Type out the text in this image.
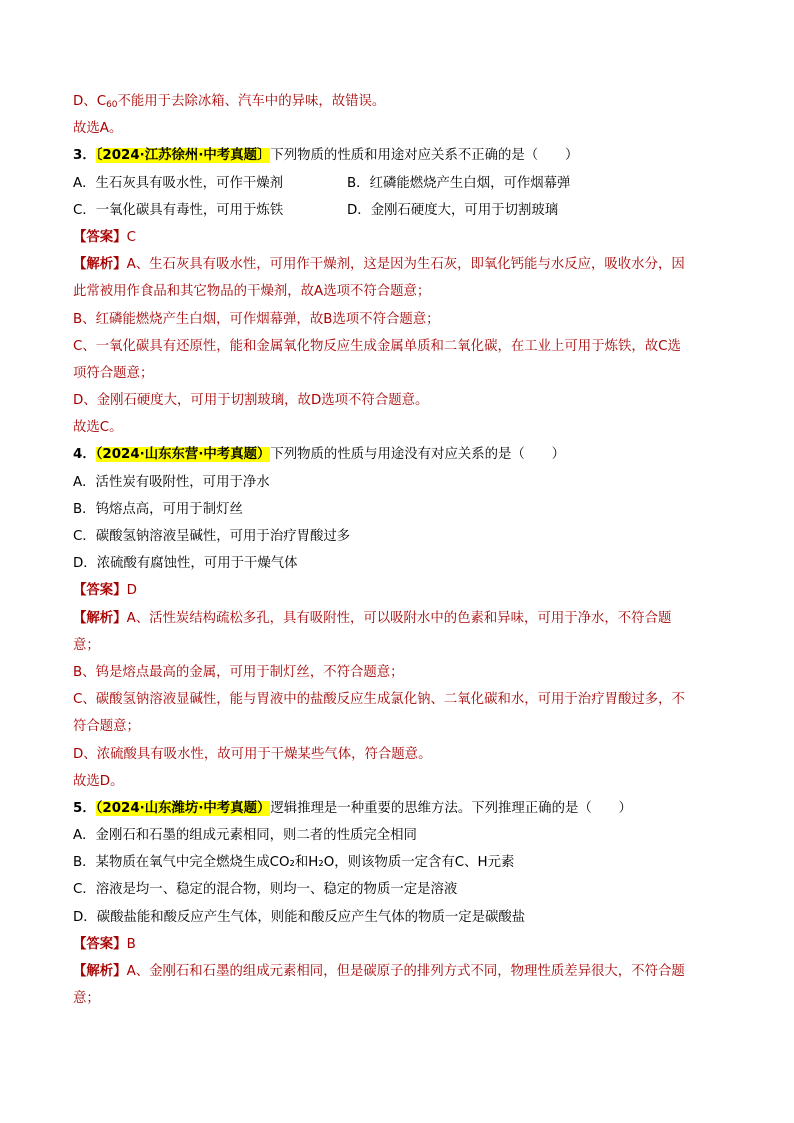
D、$C_{60}$不能用于去除冰箱、汽车中的异味，故错误。
故选A。
3．〔2024·江苏徐州·中考真题〕下列物质的性质和用途对应关系不正确的是（　　）
A．生石灰具有吸水性，可作干燥剂	B．红磷能燃烧产生白烟，可作烟幕弹
C．一氧化碳具有毒性，可用于炼铁	D．金刚石硬度大，可用于切割玻璃
【答案】C
【解析】A、生石灰具有吸水性，可用作干燥剂，这是因为生石灰，即氧化钙能与水反应，吸收水分，因
此常被用作食品和其它物品的干燥剂，故A选项不符合题意；
B、红磷能燃烧产生白烟，可作烟幕弹，故B选项不符合题意；
C、一氧化碳具有还原性，能和金属氧化物反应生成金属单质和二氧化碳，在工业上可用于炼铁，故C选
项符合题意；
D、金刚石硬度大，可用于切割玻璃，故D选项不符合题意。
故选C。
4．（2024·山东东营·中考真题）下列物质的性质与用途没有对应关系的是（　　）
A．活性炭有吸附性，可用于净水
B．钨熔点高，可用于制灯丝
C．碳酸氢钠溶液呈碱性，可用于治疗胃酸过多
D．浓硫酸有腐蚀性，可用于干燥气体
【答案】D
【解析】A、活性炭结构疏松多孔，具有吸附性，可以吸附水中的色素和异味，可用于净水，不符合题
意；
B、钨是熔点最高的金属，可用于制灯丝，不符合题意；
C、碳酸氢钠溶液显碱性，能与胃液中的盐酸反应生成氯化钠、二氧化碳和水，可用于治疗胃酸过多，不
符合题意；
D、浓硫酸具有吸水性，故可用于干燥某些气体，符合题意。
故选D。
5．（2024·山东潍坊·中考真题）逻辑推理是一种重要的思维方法。下列推理正确的是（　　）
A．金刚石和石墨的组成元素相同，则二者的性质完全相同
B．某物质在氧气中完全燃烧生成CO₂和H₂O，则该物质一定含有C、H元素
C．溶液是均一、稳定的混合物，则均一、稳定的物质一定是溶液
D．碳酸盐能和酸反应产生气体，则能和酸反应产生气体的物质一定是碳酸盐
【答案】B
【解析】A、金刚石和石墨的组成元素相同，但是碳原子的排列方式不同，物理性质差异很大，不符合题
意；
